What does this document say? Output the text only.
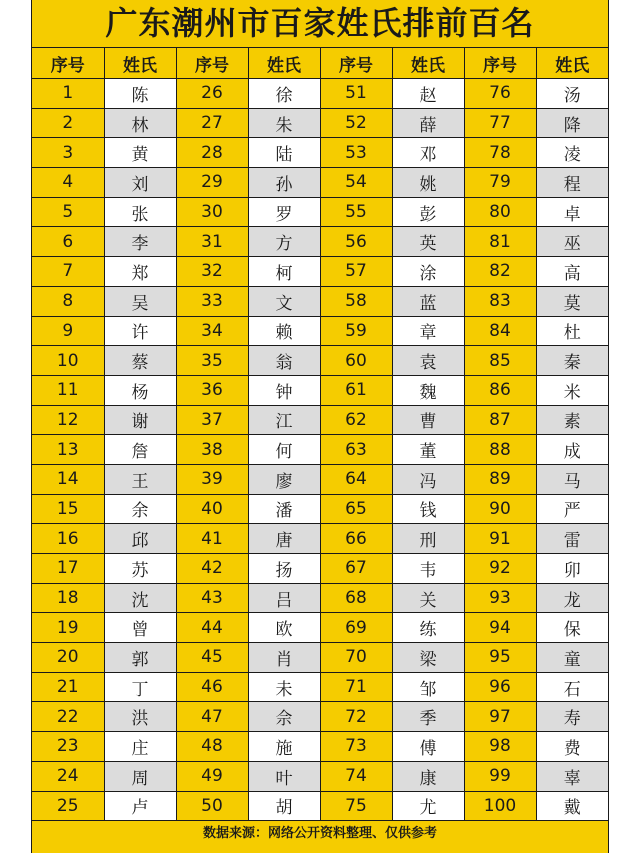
广东潮州市百家姓氏排前百名
序号	姓氏	序号	姓氏	序号	姓氏	序号	姓氏
1	陈	26	徐	51	赵	76	汤
2	林	27	朱	52	薛	77	降
3	黄	28	陆	53	邓	78	凌
4	刘	29	孙	54	姚	79	程
5	张	30	罗	55	彭	80	卓
6	李	31	方	56	英	81	巫
7	郑	32	柯	57	涂	82	高
8	吴	33	文	58	蓝	83	莫
9	许	34	赖	59	章	84	杜
10	蔡	35	翁	60	袁	85	秦
11	杨	36	钟	61	魏	86	米
12	谢	37	江	62	曹	87	素
13	詹	38	何	63	董	88	成
14	王	39	廖	64	冯	89	马
15	余	40	潘	65	钱	90	严
16	邱	41	唐	66	刑	91	雷
17	苏	42	扬	67	韦	92	卯
18	沈	43	吕	68	关	93	龙
19	曾	44	欧	69	练	94	保
20	郭	45	肖	70	梁	95	童
21	丁	46	未	71	邹	96	石
22	洪	47	佘	72	季	97	寿
23	庄	48	施	73	傅	98	费
24	周	49	叶	74	康	99	辜
25	卢	50	胡	75	尤	100	戴
数据来源：网络公开资料整理、仅供参考
